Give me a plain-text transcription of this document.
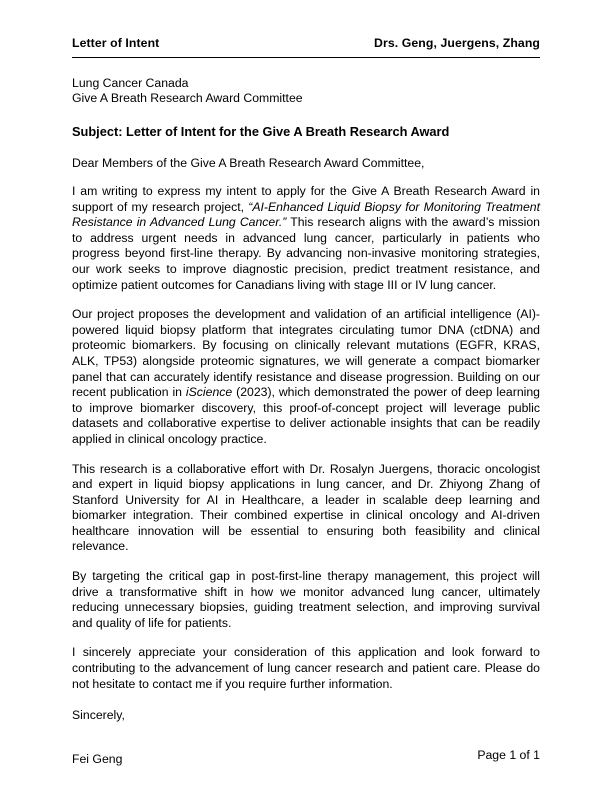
Letter of Intent	Drs. Geng, Juergens, Zhang
Lung Cancer Canada
Give A Breath Research Award Committee
Subject: Letter of Intent for the Give A Breath Research Award
Dear Members of the Give A Breath Research Award Committee,

I am writing to express my intent to apply for the Give A Breath Research Award in support of my research project, “AI-Enhanced Liquid Biopsy for Monitoring Treatment Resistance in Advanced Lung Cancer.” This research aligns with the award’s mission to address urgent needs in advanced lung cancer, particularly in patients who progress beyond first-line therapy. By advancing non-invasive monitoring strategies, our work seeks to improve diagnostic precision, predict treatment resistance, and optimize patient outcomes for Canadians living with stage III or IV lung cancer.

Our project proposes the development and validation of an artificial intelligence (AI)-powered liquid biopsy platform that integrates circulating tumor DNA (ctDNA) and proteomic biomarkers. By focusing on clinically relevant mutations (EGFR, KRAS, ALK, TP53) alongside proteomic signatures, we will generate a compact biomarker panel that can accurately identify resistance and disease progression. Building on our recent publication in iScience (2023), which demonstrated the power of deep learning to improve biomarker discovery, this proof-of-concept project will leverage public datasets and collaborative expertise to deliver actionable insights that can be readily applied in clinical oncology practice.

This research is a collaborative effort with Dr. Rosalyn Juergens, thoracic oncologist and expert in liquid biopsy applications in lung cancer, and Dr. Zhiyong Zhang of Stanford University for AI in Healthcare, a leader in scalable deep learning and biomarker integration. Their combined expertise in clinical oncology and AI-driven healthcare innovation will be essential to ensuring both feasibility and clinical relevance.

By targeting the critical gap in post-first-line therapy management, this project will drive a transformative shift in how we monitor advanced lung cancer, ultimately reducing unnecessary biopsies, guiding treatment selection, and improving survival and quality of life for patients.

I sincerely appreciate your consideration of this application and look forward to contributing to the advancement of lung cancer research and patient care. Please do not hesitate to contact me if you require further information.

Sincerely,
Fei Geng	Page 1 of 1
